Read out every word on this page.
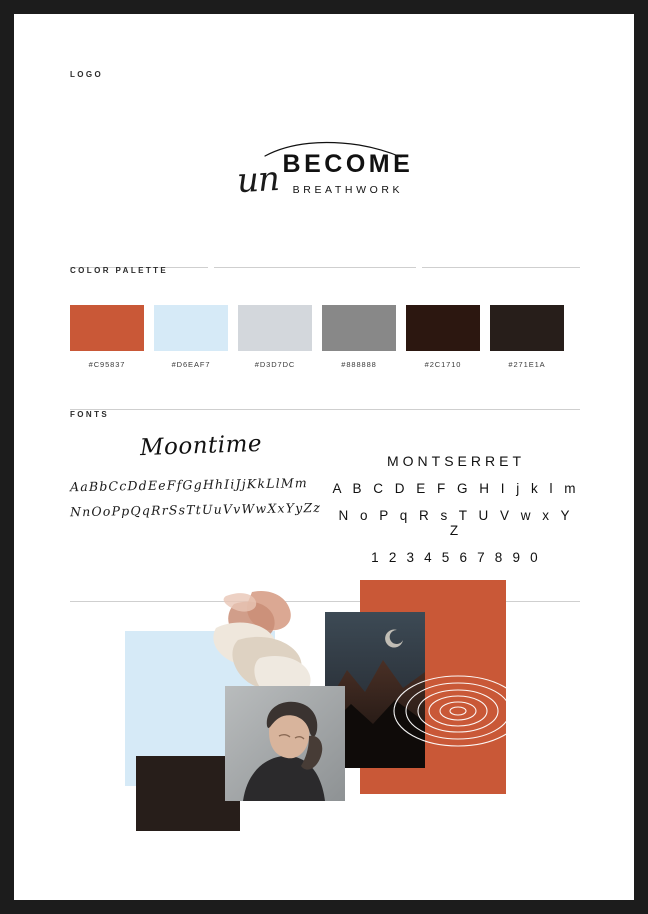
LOGO
un BECOME
BREATHWORK
COLOR PALETTE
#C95837	#D6EAF7	#D3D7DC	#888888	#2C1710	#271E1A
FONTS
Moontime
AaBbCcDdEeFfGgHhIiJjKkLlMm
NnOoPpQqRrSsTtUuVvWwXxYyZz
MONTSERRET
A B C D E F G H I j k l m
N o P q R s T U V w x Y Z
1 2 3 4 5 6 7 8 9 0
